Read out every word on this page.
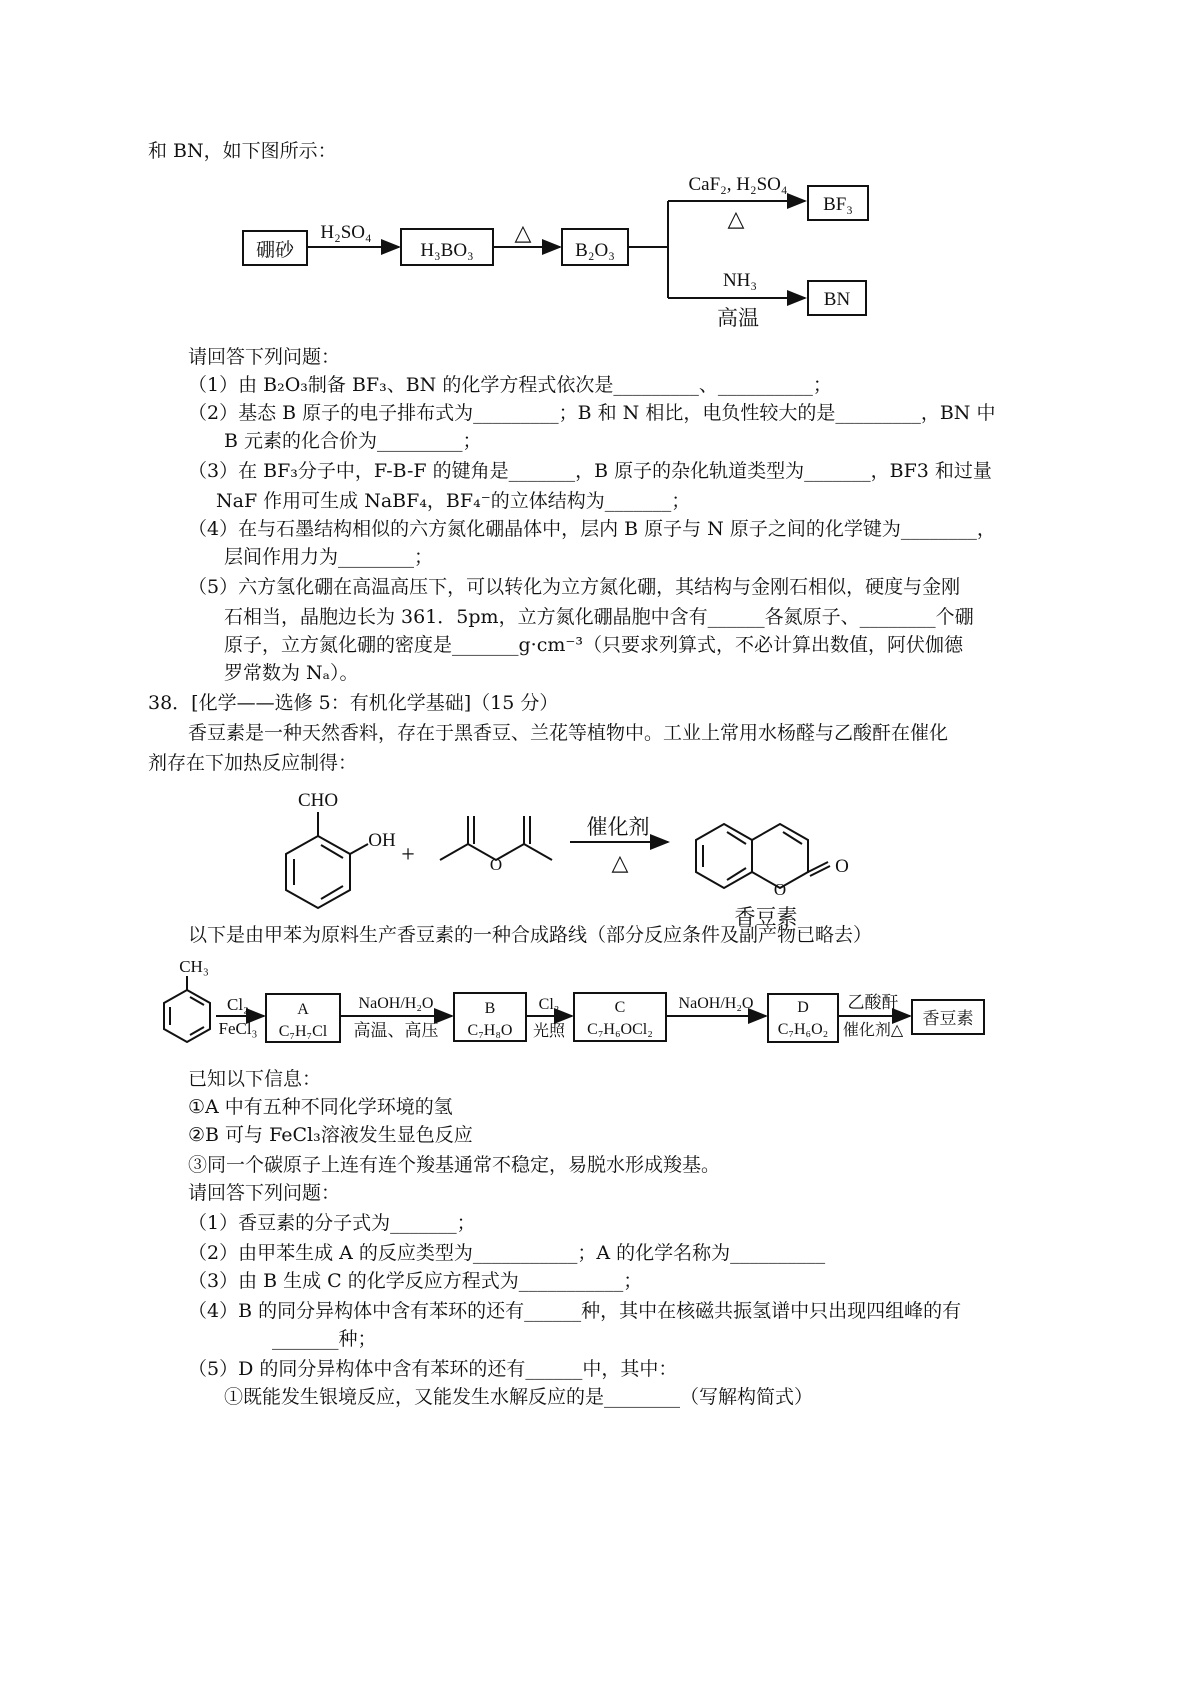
和 BN，如下图所示：
硼砂
H₂SO₄
H₃BO₃
△
B₂O₃
CaF₂, H₂SO₄
△
BF₃
NH₃
高温
BN
请回答下列问题：
（1）由 B₂O₃制备 BF₃、BN 的化学方程式依次是_________、__________；
（2）基态 B 原子的电子排布式为_________；B 和 N 相比，电负性较大的是_________，BN 中
B 元素的化合价为_________；
（3）在 BF₃分子中，F-B-F 的键角是_______，B 原子的杂化轨道类型为_______，BF3 和过量
NaF 作用可生成 NaBF₄，BF₄⁻的立体结构为_______；
（4）在与石墨结构相似的六方氮化硼晶体中，层内 B 原子与 N 原子之间的化学键为________，
层间作用力为________；
（5）六方氢化硼在高温高压下，可以转化为立方氮化硼，其结构与金刚石相似，硬度与金刚
石相当，晶胞边长为 361．5pm，立方氮化硼晶胞中含有______各氮原子、________个硼
原子，立方氮化硼的密度是_______g·cm⁻³（只要求列算式，不必计算出数值，阿伏伽德
罗常数为 Nₐ）。
38．[化学——选修 5：有机化学基础]（15 分）
香豆素是一种天然香料，存在于黑香豆、兰花等植物中。工业上常用水杨醛与乙酸酐在催化
剂存在下加热反应制得：
CHO
OH
+	O
催化剂
△
O
O
香豆素
以下是由甲苯为原料生产香豆素的一种合成路线（部分反应条件及副产物已略去）
CH₃
Cl₂
FeCl₃
A
C₇H₇Cl
NaOH/H₂O
高温、高压
B
C₇H₈O
Cl₂
光照
C
C₇H₆OCl₂
NaOH/H₂O	D
C₇H₆O₂
乙酸酐
催化剂△
香豆素
已知以下信息：
①A 中有五种不同化学环境的氢
②B 可与 FeCl₃溶液发生显色反应
③同一个碳原子上连有连个羧基通常不稳定，易脱水形成羧基。
请回答下列问题：
（1）香豆素的分子式为_______；
（2）由甲苯生成 A 的反应类型为___________；A 的化学名称为__________
（3）由 B 生成 C 的化学反应方程式为___________；
（4）B 的同分异构体中含有苯环的还有______种，其中在核磁共振氢谱中只出现四组峰的有
_______种；
（5）D 的同分异构体中含有苯环的还有______中，其中：
①既能发生银境反应，又能发生水解反应的是________（写解构简式）
